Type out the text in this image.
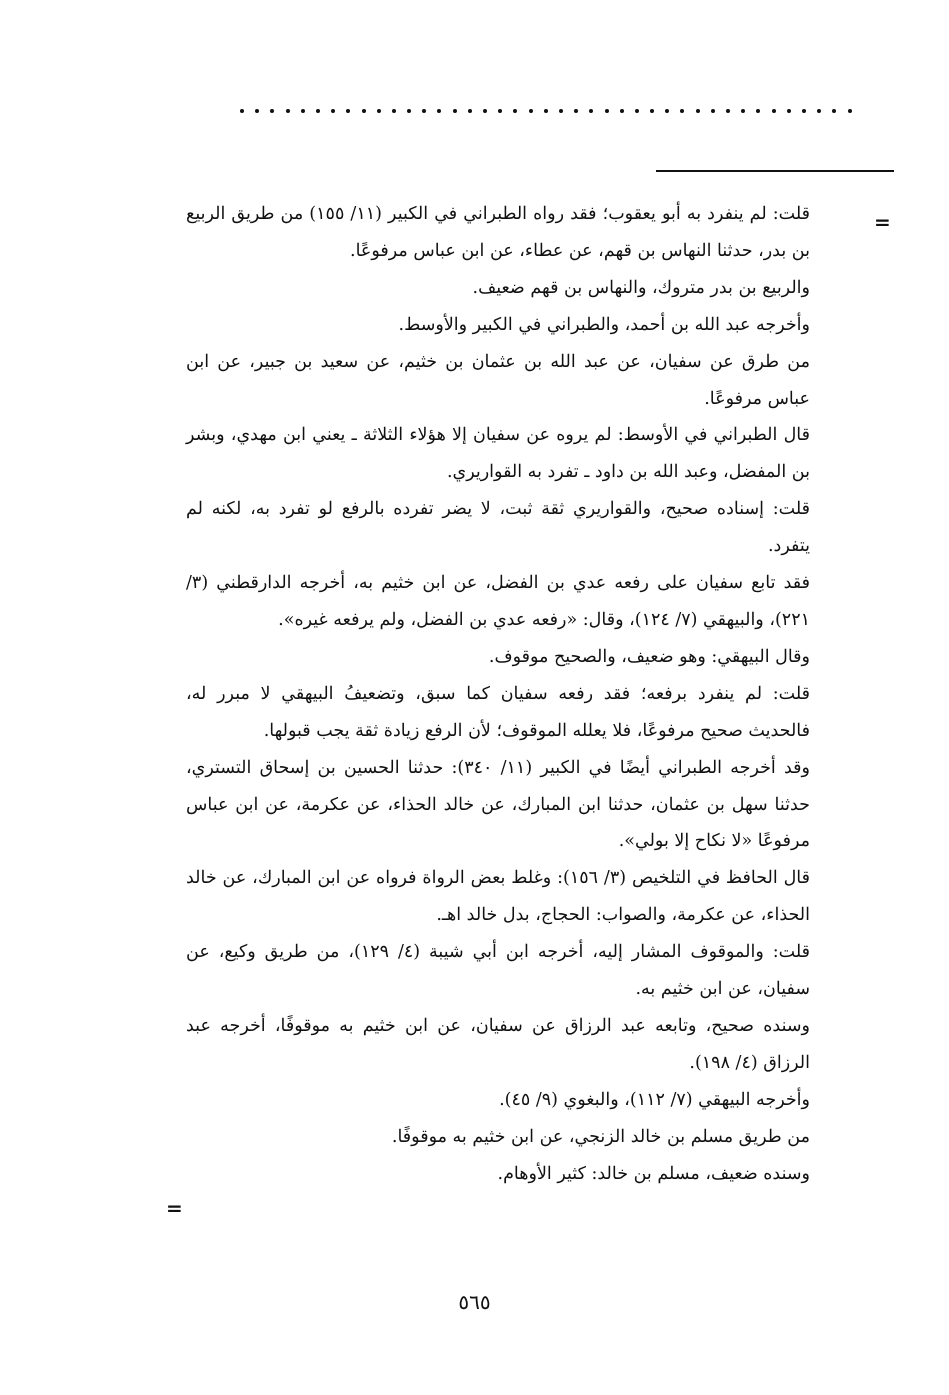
=

قلت: لم ينفرد به أبو يعقوب؛ فقد رواه الطبراني في الكبير (١١/ ١٥٥) من طريق الربيع بن بدر، حدثنا النهاس بن قهم، عن عطاء، عن ابن عباس مرفوعًا.

والربيع بن بدر متروك، والنهاس بن قهم ضعيف.

وأخرجه عبد الله بن أحمد، والطبراني في الكبير والأوسط.

من طرق عن سفيان، عن عبد الله بن عثمان بن خثيم، عن سعيد بن جبير، عن ابن عباس مرفوعًا.

قال الطبراني في الأوسط: لم يروه عن سفيان إلا هؤلاء الثلاثة ـ يعني ابن مهدي، وبشر بن المفضل، وعبد الله بن داود ـ تفرد به القواريري.

قلت: إسناده صحيح، والقواريري ثقة ثبت، لا يضر تفرده بالرفع لو تفرد به، لكنه لم يتفرد.

فقد تابع سفيان على رفعه عدي بن الفضل، عن ابن خثيم به، أخرجه الدارقطني (٣/ ٢٢١)، والبيهقي (٧/ ١٢٤)، وقال: «رفعه عدي بن الفضل، ولم يرفعه غيره».

وقال البيهقي: وهو ضعيف، والصحيح موقوف.

قلت: لم ينفرد برفعه؛ فقد رفعه سفيان كما سبق، وتضعيفُ البيهقي لا مبرر له، فالحديث صحيح مرفوعًا، فلا يعلله الموقوف؛ لأن الرفع زيادة ثقة يجب قبولها.

وقد أخرجه الطبراني أيضًا في الكبير (١١/ ٣٤٠): حدثنا الحسين بن إسحاق التستري، حدثنا سهل بن عثمان، حدثنا ابن المبارك، عن خالد الحذاء، عن عكرمة، عن ابن عباس مرفوعًا «لا نكاح إلا بولي».

قال الحافظ في التلخيص (٣/ ١٥٦): وغلط بعض الرواة فرواه عن ابن المبارك، عن خالد الحذاء، عن عكرمة، والصواب: الحجاج، بدل خالد اهـ.

قلت: والموقوف المشار إليه، أخرجه ابن أبي شيبة (٤/ ١٢٩)، من طريق وكيع، عن سفيان، عن ابن خثيم به.

وسنده صحيح، وتابعه عبد الرزاق عن سفيان، عن ابن خثيم به موقوفًا، أخرجه عبد الرزاق (٤/ ١٩٨).

وأخرجه البيهقي (٧/ ١١٢)، والبغوي (٩/ ٤٥).

من طريق مسلم بن خالد الزنجي، عن ابن خثيم به موقوفًا.

وسنده ضعيف، مسلم بن خالد: كثير الأوهام.

=
٥٦٥
